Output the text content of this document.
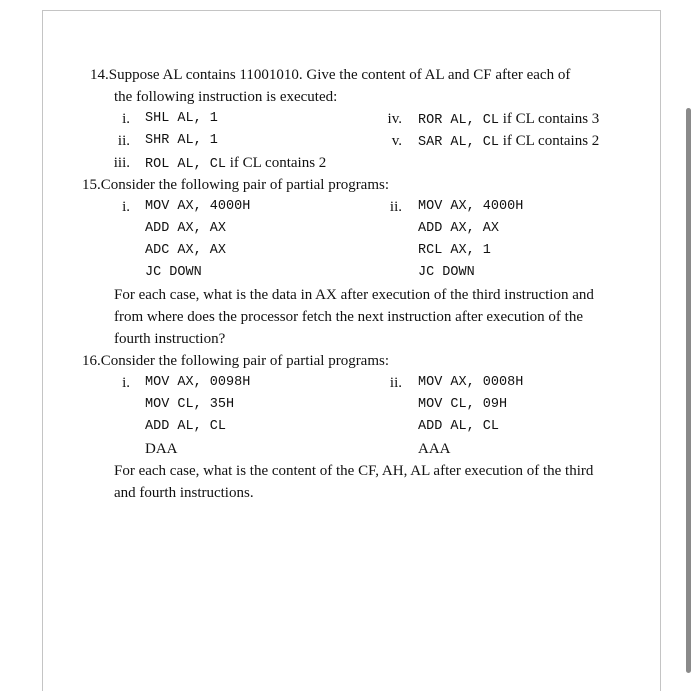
14.Suppose AL contains 11001010. Give the content of AL and CF after each of

the following instruction is executed:

i. SHL AL, 1	iv. ROR AL, CL if CL contains 3
ii. SHR AL, 1	v. SAR AL, CL if CL contains 2
iii. ROL AL, CL if CL contains 2

15.Consider the following pair of partial programs:

i. MOV AX, 4000H	ii. MOV AX, 4000H
ADD AX, AX	ADD AX, AX
ADC AX, AX	RCL AX, 1
JC DOWN	JC DOWN

For each case, what is the data in AX after execution of the third instruction and

from where does the processor fetch the next instruction after execution of the

fourth instruction?

16.Consider the following pair of partial programs:

i. MOV AX, 0098H	ii. MOV AX, 0008H
MOV CL, 35H	MOV CL, 09H
ADD AL, CL	ADD AL, CL
DAA	AAA

For each case, what is the content of the CF, AH, AL after execution of the third

and fourth instructions.
